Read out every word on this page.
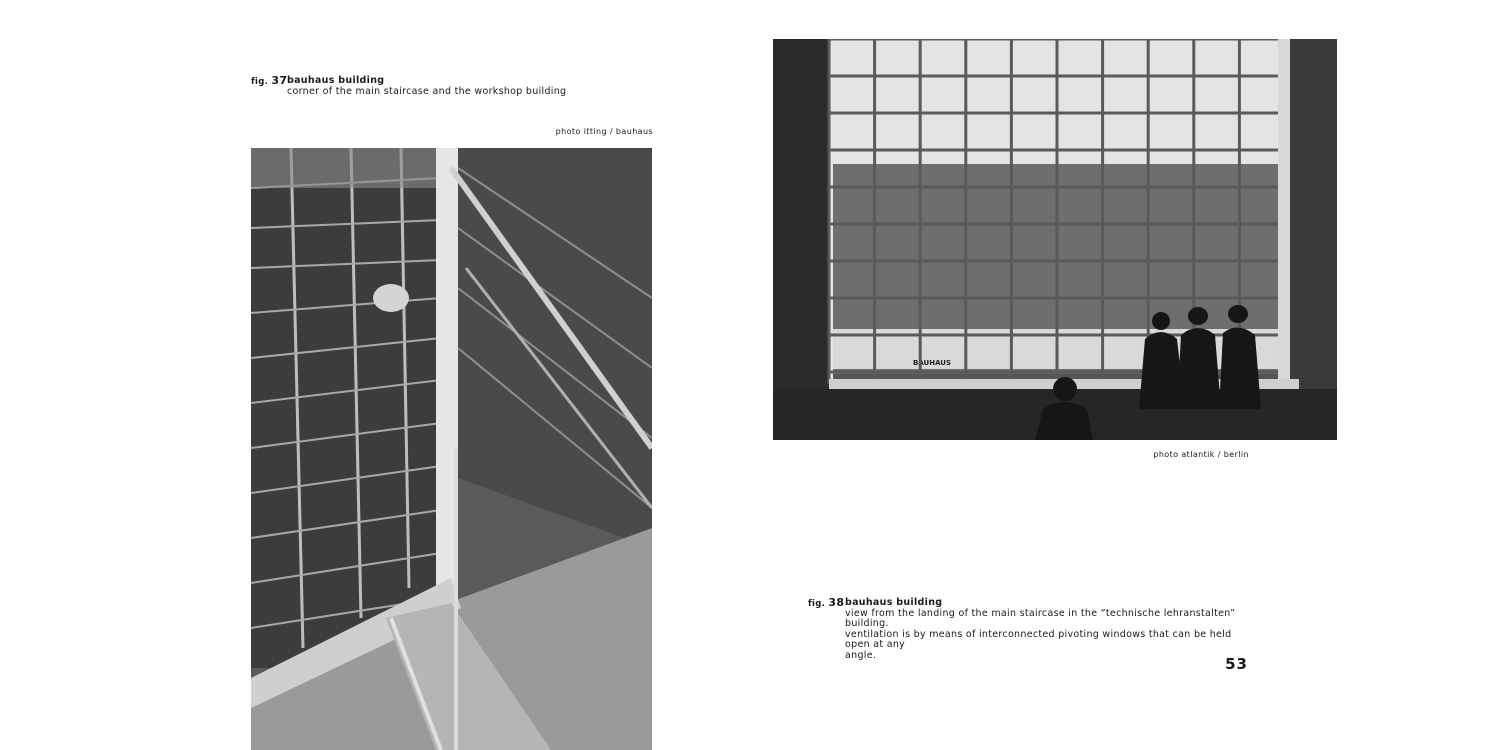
fig. 37 bauhaus building
corner of the main staircase and the workshop building
photo itting / bauhaus
BAUHAUS
photo atlantik / berlin
fig. 38 bauhaus building
view from the landing of the main staircase in the “technische lehranstalten” building.
ventilation is by means of interconnected pivoting windows that can be held open at any
angle.	53
